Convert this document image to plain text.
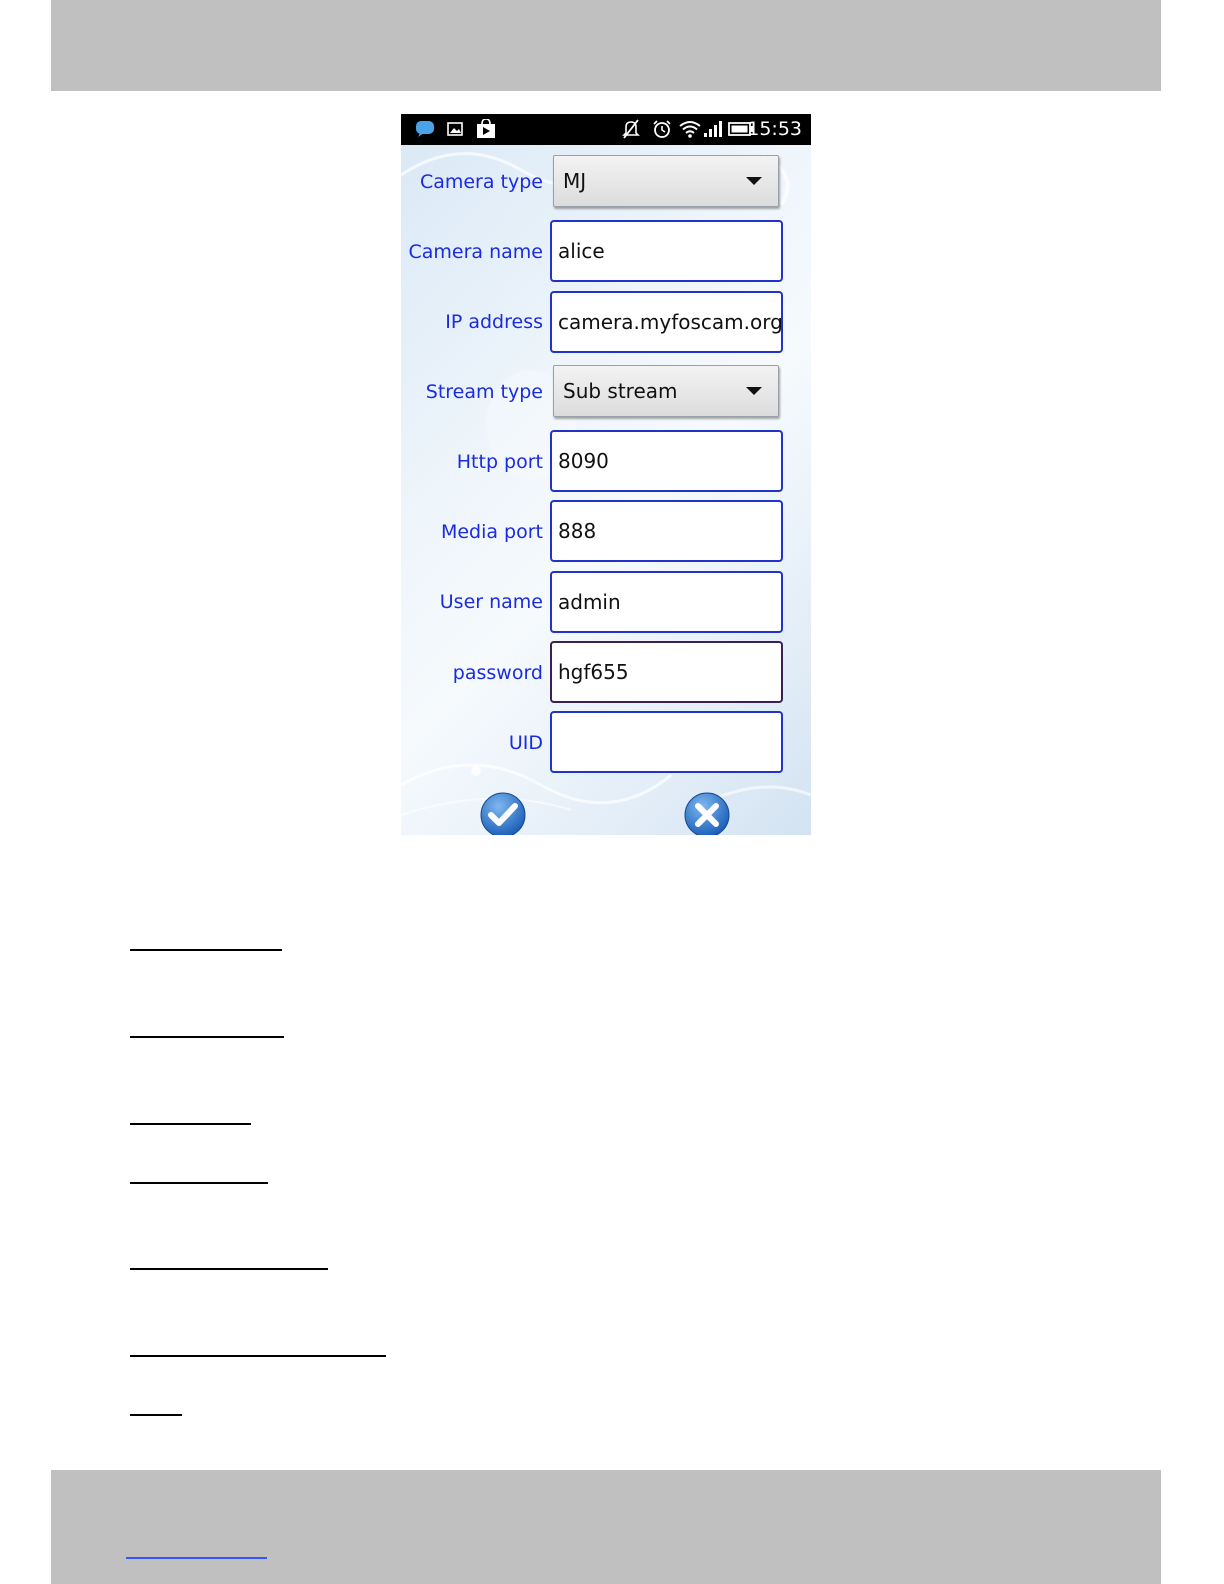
15:53
Camera type MJ
Camera name alice
IP address camera.myfoscam.org
Stream type Sub stream
Http port 8090
Media port 888
User name admin
password hgf655
UID
